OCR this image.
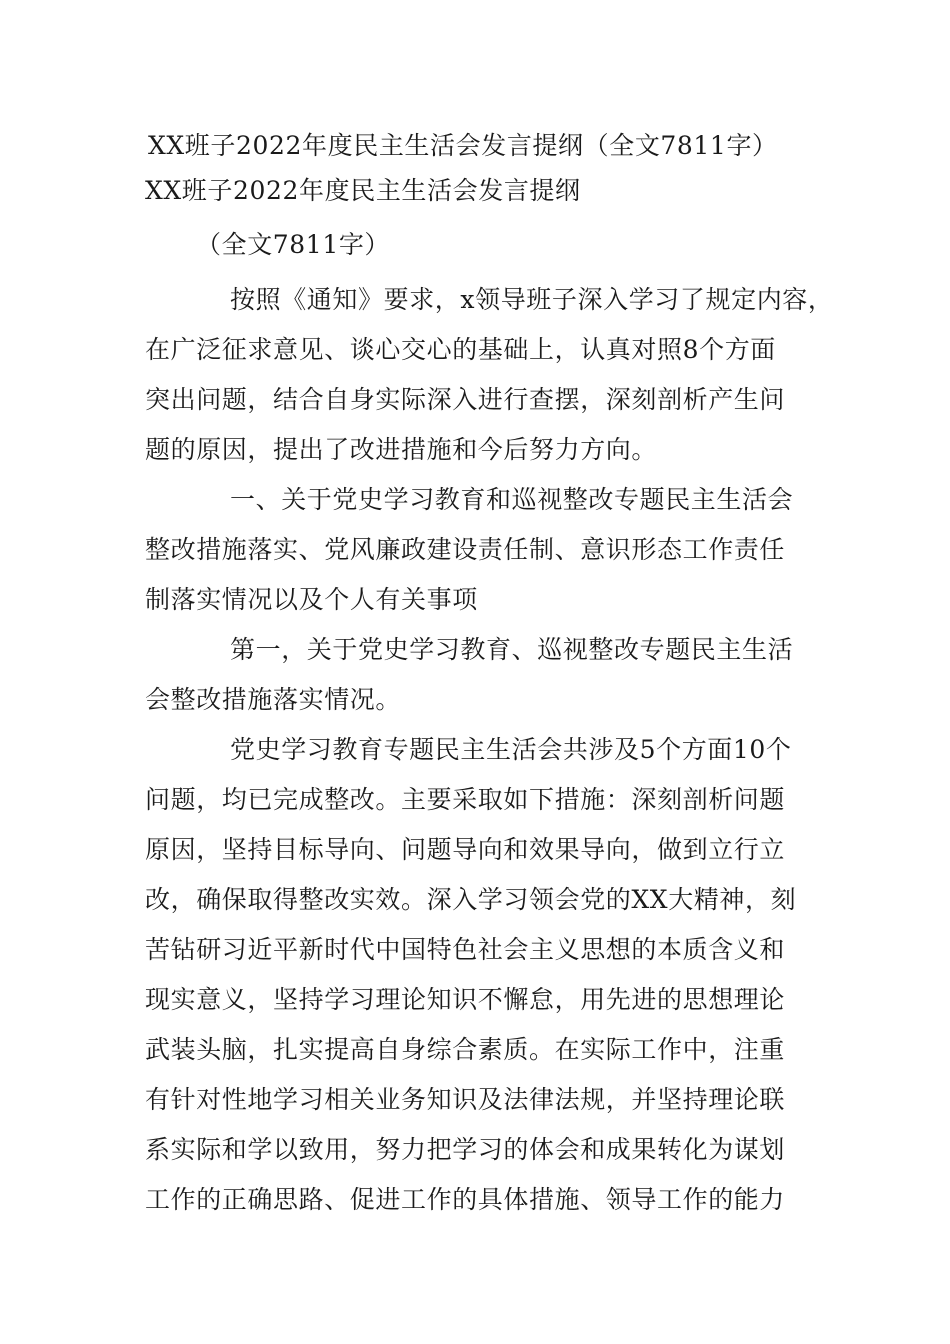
XX班子2022年度民主生活会发言提纲（全文7811字）
XX班子2022年度民主生活会发言提纲
（全文7811字）
按照《通知》要求，x领导班子深入学习了规定内容，
在广泛征求意见、谈心交心的基础上，认真对照8个方面
突出问题，结合自身实际深入进行查摆，深刻剖析产生问
题的原因，提出了改进措施和今后努力方向。
一、关于党史学习教育和巡视整改专题民主生活会
整改措施落实、党风廉政建设责任制、意识形态工作责任
制落实情况以及个人有关事项
第一，关于党史学习教育、巡视整改专题民主生活
会整改措施落实情况。
党史学习教育专题民主生活会共涉及5个方面10个
问题，均已完成整改。主要采取如下措施：深刻剖析问题
原因，坚持目标导向、问题导向和效果导向，做到立行立
改，确保取得整改实效。深入学习领会党的XX大精神，刻
苦钻研习近平新时代中国特色社会主义思想的本质含义和
现实意义，坚持学习理论知识不懈怠，用先进的思想理论
武装头脑，扎实提高自身综合素质。在实际工作中，注重
有针对性地学习相关业务知识及法律法规，并坚持理论联
系实际和学以致用，努力把学习的体会和成果转化为谋划
工作的正确思路、促进工作的具体措施、领导工作的能力
